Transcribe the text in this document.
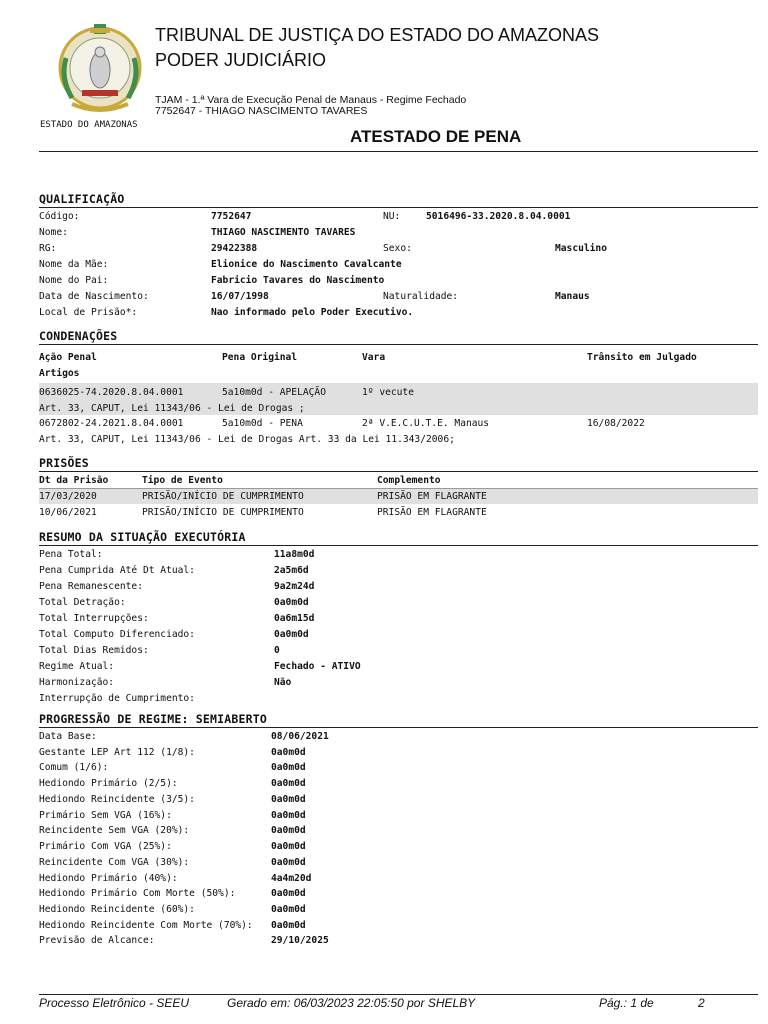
TRIBUNAL DE JUSTIÇA DO ESTADO DO AMAZONAS
PODER JUDICIÁRIO
TJAM - 1.ª Vara de Execução Penal de Manaus - Regime Fechado
7752647 - THIAGO NASCIMENTO TAVARES
ESTADO DO AMAZONAS
ATESTADO DE PENA
QUALIFICAÇÃO
Código:	7752647	NU:	5016496-33.2020.8.04.0001
Nome:	THIAGO NASCIMENTO TAVARES
RG:	29422388	Sexo:	Masculino
Nome da Mãe:	Elionice do Nascimento Cavalcante
Nome do Pai:	Fabricio Tavares do Nascimento
Data de Nascimento:	16/07/1998	Naturalidade:	Manaus
Local de Prisão*:	Nao informado pelo Poder Executivo.
CONDENAÇÕES
Ação Penal	Pena Original	Vara	Trânsito em Julgado
Artigos
0636025-74.2020.8.04.0001	5a10m0d - APELAÇÃO	1º vecute
Art. 33, CAPUT, Lei 11343/06 - Lei de Drogas ;
0672802-24.2021.8.04.0001	5a10m0d - PENA	2ª V.E.C.U.T.E. Manaus	16/08/2022
Art. 33, CAPUT, Lei 11343/06 - Lei de Drogas Art. 33 da Lei 11.343/2006;
PRISÕES
Dt da Prisão	Tipo de Evento	Complemento
17/03/2020	PRISÃO/INÍCIO DE CUMPRIMENTO	PRISÃO EM FLAGRANTE
10/06/2021	PRISÃO/INÍCIO DE CUMPRIMENTO	PRISÃO EM FLAGRANTE
RESUMO DA SITUAÇÃO EXECUTÓRIA
Pena Total:	11a8m0d
Pena Cumprida Até Dt Atual:	2a5m6d
Pena Remanescente:	9a2m24d
Total Detração:	0a0m0d
Total Interrupções:	0a6m15d
Total Computo Diferenciado:	0a0m0d
Total Dias Remidos:	0
Regime Atual:	Fechado - ATIVO
Harmonização:	Não
Interrupção de Cumprimento:
PROGRESSÃO DE REGIME: SEMIABERTO
Data Base:	08/06/2021
Gestante LEP Art 112 (1/8):	0a0m0d
Comum (1/6):	0a0m0d
Hediondo Primário (2/5):	0a0m0d
Hediondo Reincidente (3/5):	0a0m0d
Primário Sem VGA (16%):	0a0m0d
Reincidente Sem VGA (20%):	0a0m0d
Primário Com VGA (25%):	0a0m0d
Reincidente Com VGA (30%):	0a0m0d
Hediondo Primário (40%):	4a4m20d
Hediondo Primário Com Morte (50%):	0a0m0d
Hediondo Reincidente (60%):	0a0m0d
Hediondo Reincidente Com Morte (70%): 0a0m0d
Previsão de Alcance:	29/10/2025
Processo Eletrônico - SEEU	Gerado em: 06/03/2023 22:05:50 por SHELBY	Pág.: 1 de	2
